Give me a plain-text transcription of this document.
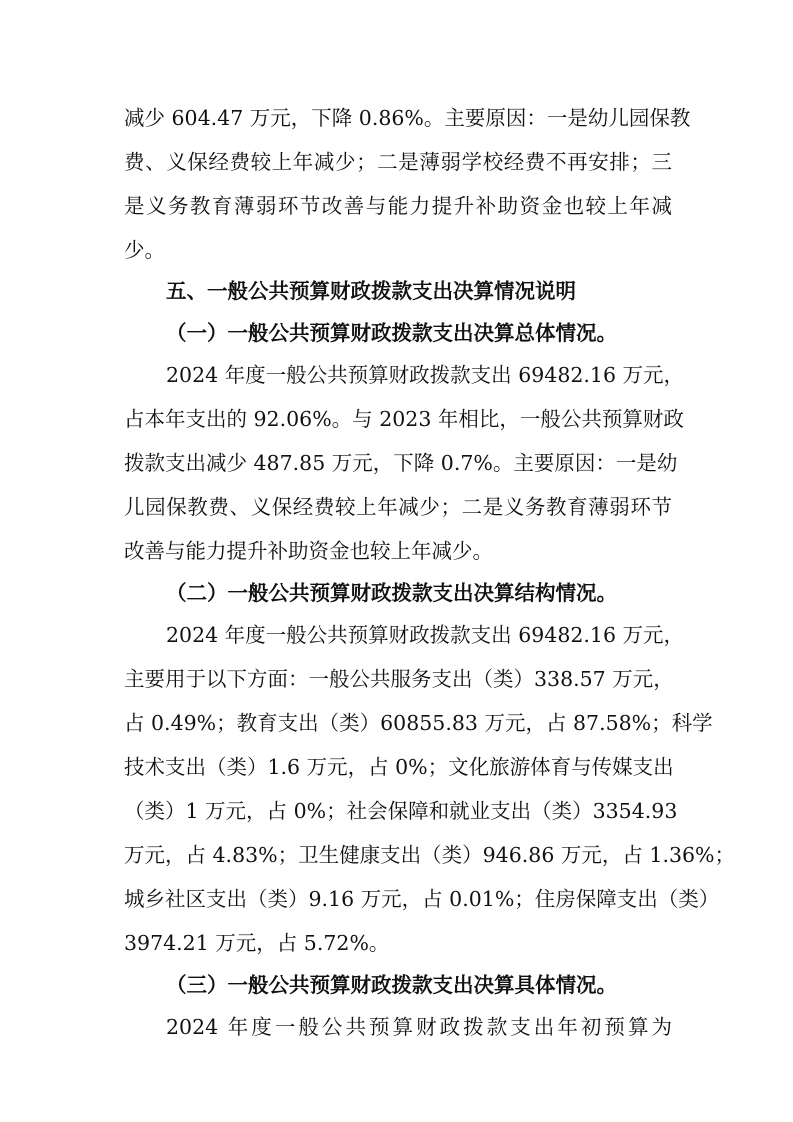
减少 604.47 万元，下降 0.86%。主要原因：一是幼儿园保教
费、义保经费较上年减少；二是薄弱学校经费不再安排；三
是义务教育薄弱环节改善与能力提升补助资金也较上年减
少。
五、一般公共预算财政拨款支出决算情况说明
（一）一般公共预算财政拨款支出决算总体情况。
2024 年度一般公共预算财政拨款支出 69482.16 万元，
占本年支出的 92.06%。与 2023 年相比，一般公共预算财政
拨款支出减少 487.85 万元，下降 0.7%。主要原因：一是幼
儿园保教费、义保经费较上年减少；二是义务教育薄弱环节
改善与能力提升补助资金也较上年减少。
（二）一般公共预算财政拨款支出决算结构情况。
2024 年度一般公共预算财政拨款支出 69482.16 万元，
主要用于以下方面：一般公共服务支出（类）338.57 万元，
占 0.49%；教育支出（类）60855.83 万元，占 87.58%；科学
技术支出（类）1.6 万元，占 0%；文化旅游体育与传媒支出
（类）1 万元，占 0%；社会保障和就业支出（类）3354.93
万元，占 4.83%；卫生健康支出（类）946.86 万元，占 1.36%；
城乡社区支出（类）9.16 万元，占 0.01%；住房保障支出（类）
3974.21 万元，占 5.72%。
（三）一般公共预算财政拨款支出决算具体情况。
2024 年度一般公共预算财政拨款支出年初预算为
